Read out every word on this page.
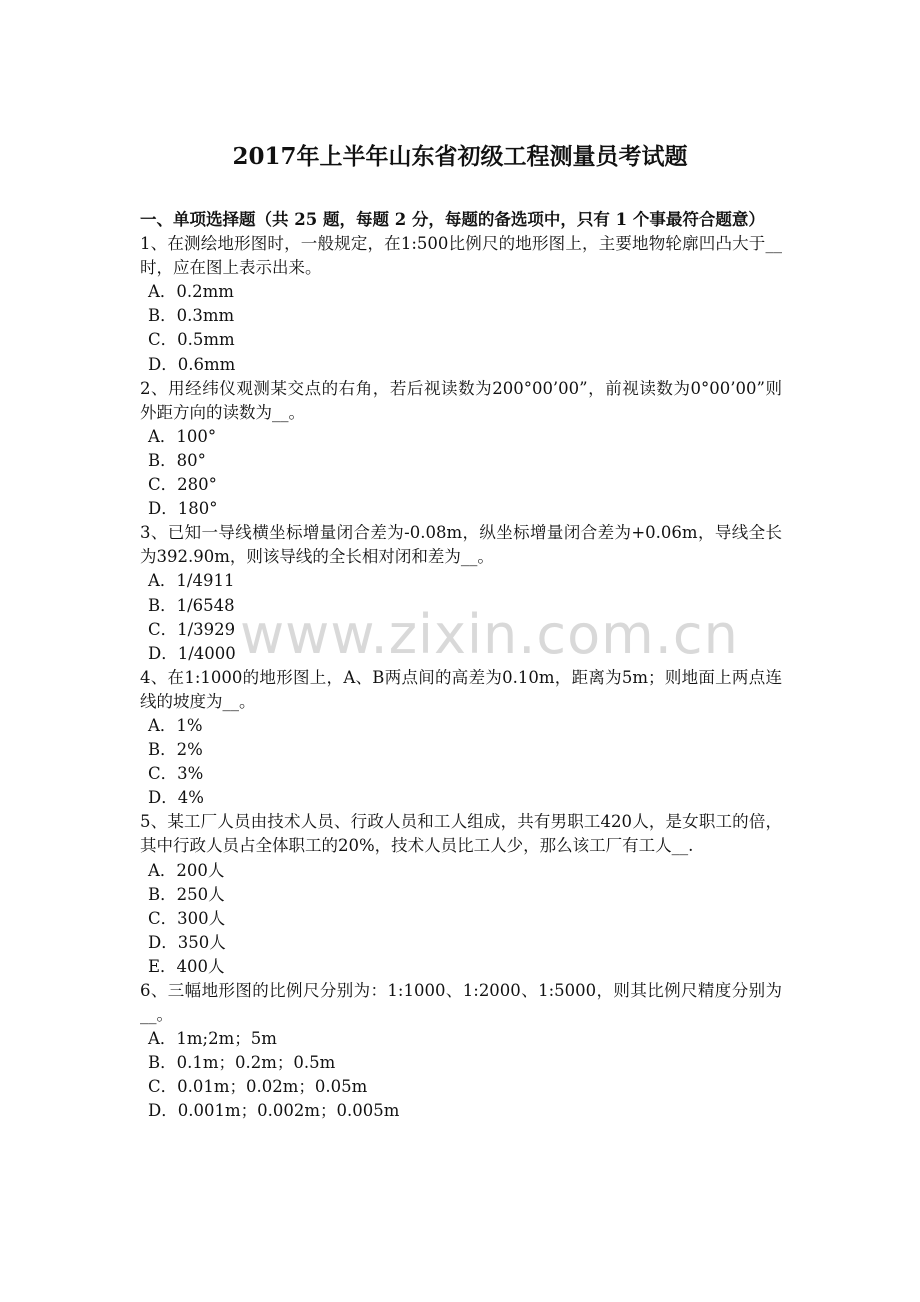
2017年上半年山东省初级工程测量员考试题

一、单项选择题（共 25 题，每题 2 分，每题的备选项中，只有 1 个事最符合题意）

1、在测绘地形图时，一般规定，在1:500比例尺的地形图上，主要地物轮廓凹凸大于__时，应在图上表示出来。

A．0.2mm
B．0.3mm
C．0.5mm
D．0.6mm

2、用经纬仪观测某交点的右角，若后视读数为200°00’00”，前视读数为0°00’00”则外距方向的读数为__。

A．100°
B．80°
C．280°
D．180°

3、已知一导线横坐标增量闭合差为-0.08m，纵坐标增量闭合差为+0.06m，导线全长为392.90m，则该导线的全长相对闭和差为__。

A．1/4911
B．1/6548
C．1/3929
D．1/4000

4、在1:1000的地形图上，A、B两点间的高差为0.10m，距离为5m；则地面上两点连线的坡度为__。

A．1%
B．2%
C．3%
D．4%

5、某工厂人员由技术人员、行政人员和工人组成，共有男职工420人，是女职工的倍，其中行政人员占全体职工的20%，技术人员比工人少，那么该工厂有工人__.

A．200人
B．250人
C．300人
D．350人
E．400人

6、三幅地形图的比例尺分别为：1:1000、1:2000、1:5000，则其比例尺精度分别为__。

A．1m;2m；5m
B．0.1m；0.2m；0.5m
C．0.01m；0.02m；0.05m
D．0.001m；0.002m；0.005m
www.zixin.com.cn
